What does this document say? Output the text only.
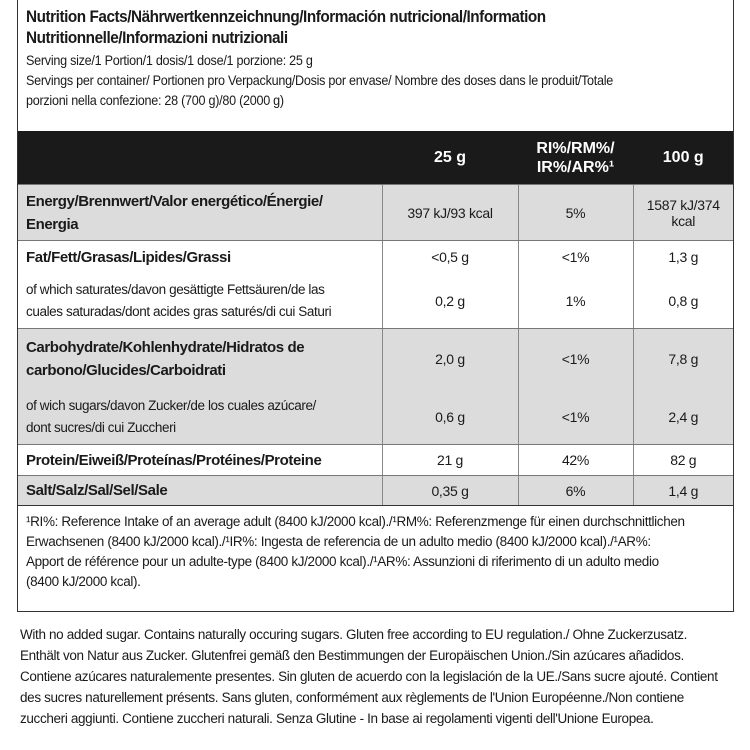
Nutrition Facts/Nährwertkennzeichnung/Información nutricional/Information
Nutritionnelle/Informazioni nutrizionali
Serving size/1 Portion/1 dosis/1 dose/1 porzione: 25 g
Servings per container/ Portionen pro Verpackung/Dosis por envase/ Nombre des doses dans le produit/Totale
porzioni nella confezione: 28 (700 g)/80 (2000 g)
	25 g	RI%/RM%/
IR%/AR%¹	100 g

Energy/Brennwert/Valor energético/Énergie/
Energia	397 kJ/93 kcal	5%	1587 kJ/374 kcal
Fat/Fett/Grasas/Lipides/Grassi	<0,5 g	<1%	1,3 g

of which saturates/davon gesättigte Fettsäuren/de las
cuales saturadas/dont acides gras saturés/di cui Saturi	0,2 g	1%	0,8 g

Carbohydrate/Kohlenhydrate/Hidratos de
carbono/Glucides/Carboidrati	2,0 g	<1%	7,8 g

of wich sugars/davon Zucker/de los cuales azúcare/
dont sucres/di cui Zuccheri	0,6 g	<1%	2,4 g
Protein/Eiweiß/Proteínas/Protéines/Proteine	21 g	42%	82 g
Salt/Salz/Sal/Sel/Sale	0,35 g	6%	1,4 g
¹RI%: Reference Intake of an average adult (8400 kJ/2000 kcal)./¹RM%: Referenzmenge für einen durchschnittlichen
Erwachsenen (8400 kJ/2000 kcal)./¹IR%: Ingesta de referencia de un adulto medio (8400 kJ/2000 kcal)./¹AR%:
Apport de référence pour un adulte-type (8400 kJ/2000 kcal)./¹AR%: Assunzioni di riferimento di un adulto medio
(8400 kJ/2000 kcal).
With no added sugar. Contains naturally occuring sugars. Gluten free according to EU regulation./ Ohne Zuckerzusatz.
Enthält von Natur aus Zucker. Glutenfrei gemäß den Bestimmungen der Europäischen Union./Sin azúcares añadidos.
Contiene azúcares naturalemente presentes. Sin gluten de acuerdo con la legislación de la UE./Sans sucre ajouté. Contient
des sucres naturellement présents. Sans gluten, conformément aux règlements de l'Union Européenne./Non contiene
zuccheri aggiunti. Contiene zuccheri naturali. Senza Glutine - In base ai regolamenti vigenti dell'Unione Europea.
